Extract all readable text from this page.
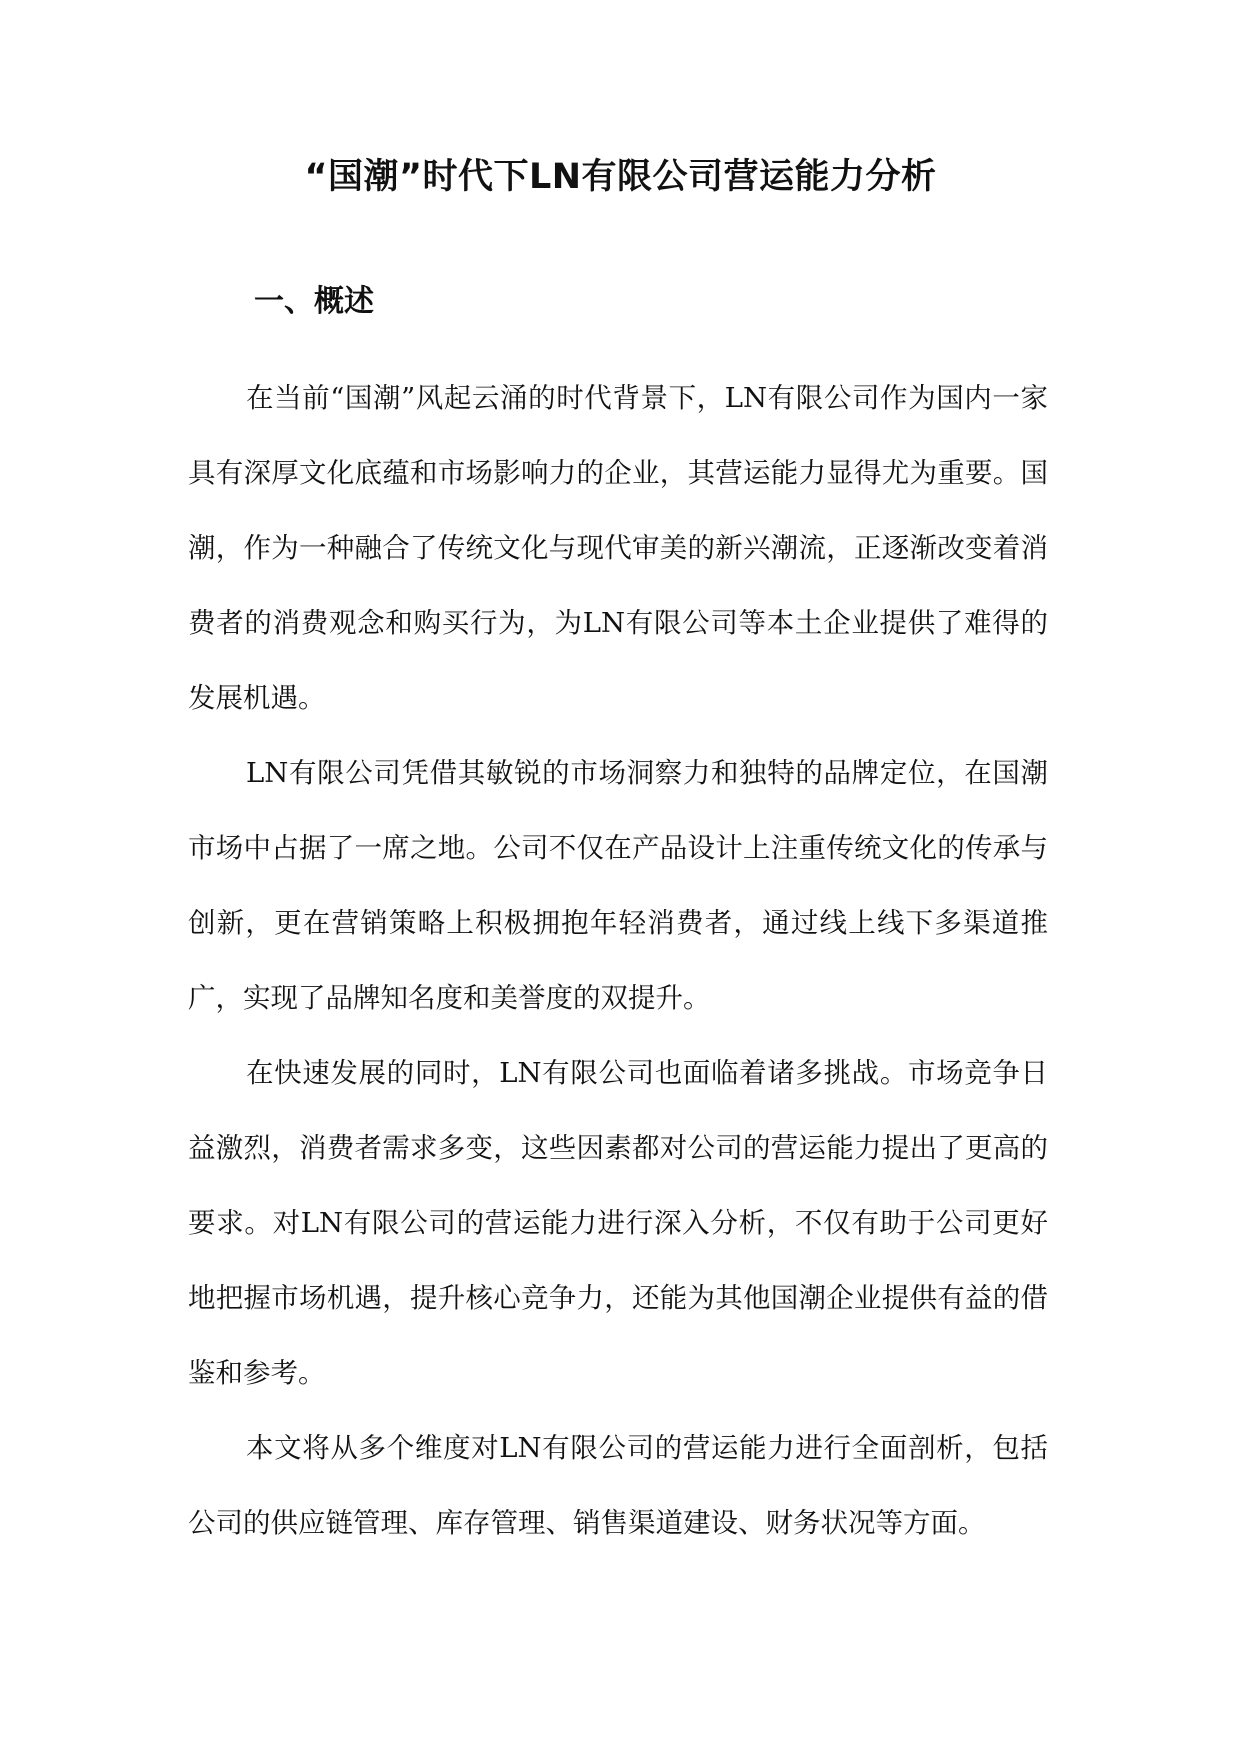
“国潮”时代下LN有限公司营运能力分析
一、概述

在当前“国潮”风起云涌的时代背景下，LN有限公司作为国内一家具有深厚文化底蕴和市场影响力的企业，其营运能力显得尤为重要。国潮，作为一种融合了传统文化与现代审美的新兴潮流，正逐渐改变着消费者的消费观念和购买行为，为LN有限公司等本土企业提供了难得的发展机遇。

LN有限公司凭借其敏锐的市场洞察力和独特的品牌定位，在国潮市场中占据了一席之地。公司不仅在产品设计上注重传统文化的传承与创新，更在营销策略上积极拥抱年轻消费者，通过线上线下多渠道推广，实现了品牌知名度和美誉度的双提升。

在快速发展的同时，LN有限公司也面临着诸多挑战。市场竞争日益激烈，消费者需求多变，这些因素都对公司的营运能力提出了更高的要求。对LN有限公司的营运能力进行深入分析，不仅有助于公司更好地把握市场机遇，提升核心竞争力，还能为其他国潮企业提供有益的借鉴和参考。

本文将从多个维度对LN有限公司的营运能力进行全面剖析，包括公司的供应链管理、库存管理、销售渠道建设、财务状况等方面。
